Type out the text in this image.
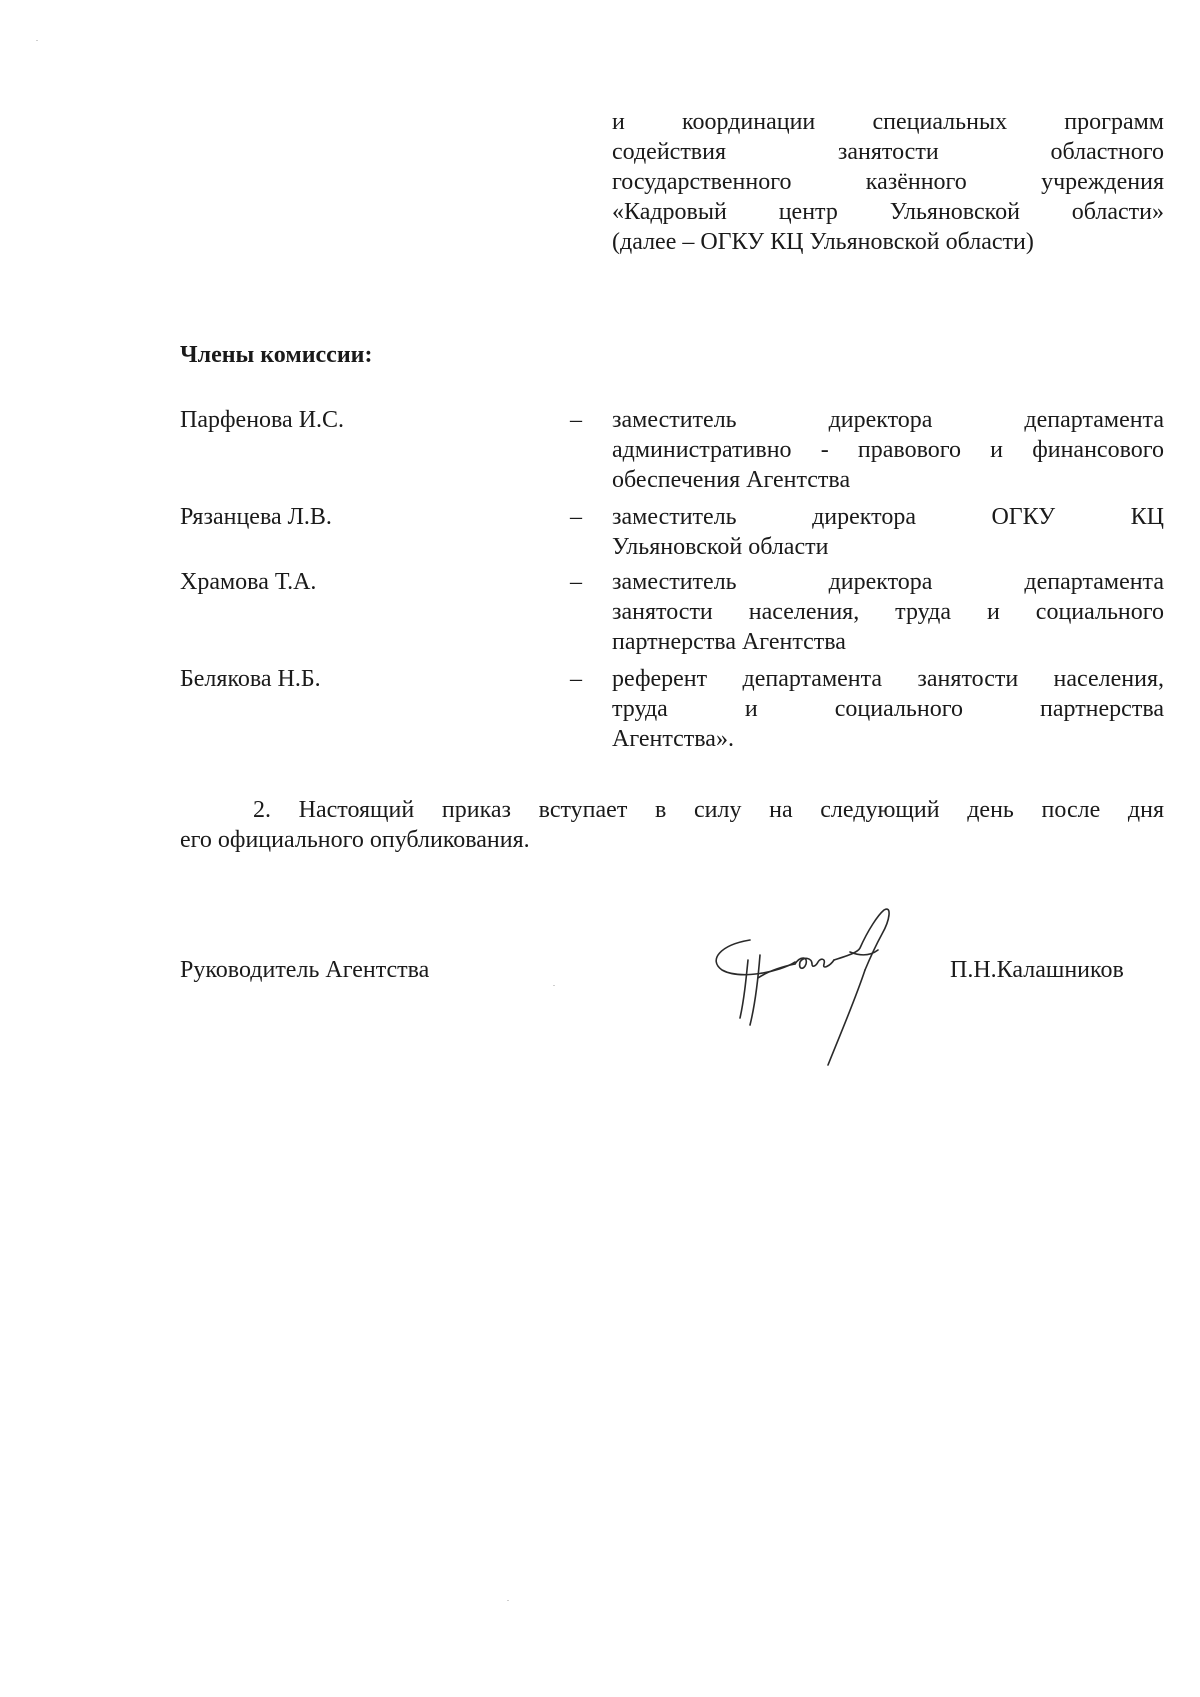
и координации специальных программ
содействия занятости областного
государственного казённого учреждения
«Кадровый центр Ульяновской области»
(далее – ОГКУ КЦ Ульяновской области)

Члены комиссии:

Парфенова И.С.	– заместитель директора департамента
административно - правового и финансового
обеспечения Агентства
Рязанцева Л.В.	– заместитель директора ОГКУ КЦ
Ульяновской области
Храмова Т.А.	– заместитель директора департамента
занятости населения, труда и социального
партнерства Агентства
Белякова Н.Б.	– референт департамента занятости населения,
труда и социального партнерства
Агентства».
2. Настоящий приказ вступает в силу на следующий день после дня
его официального опубликования.
Руководитель Агентства	П.Н.Калашников
